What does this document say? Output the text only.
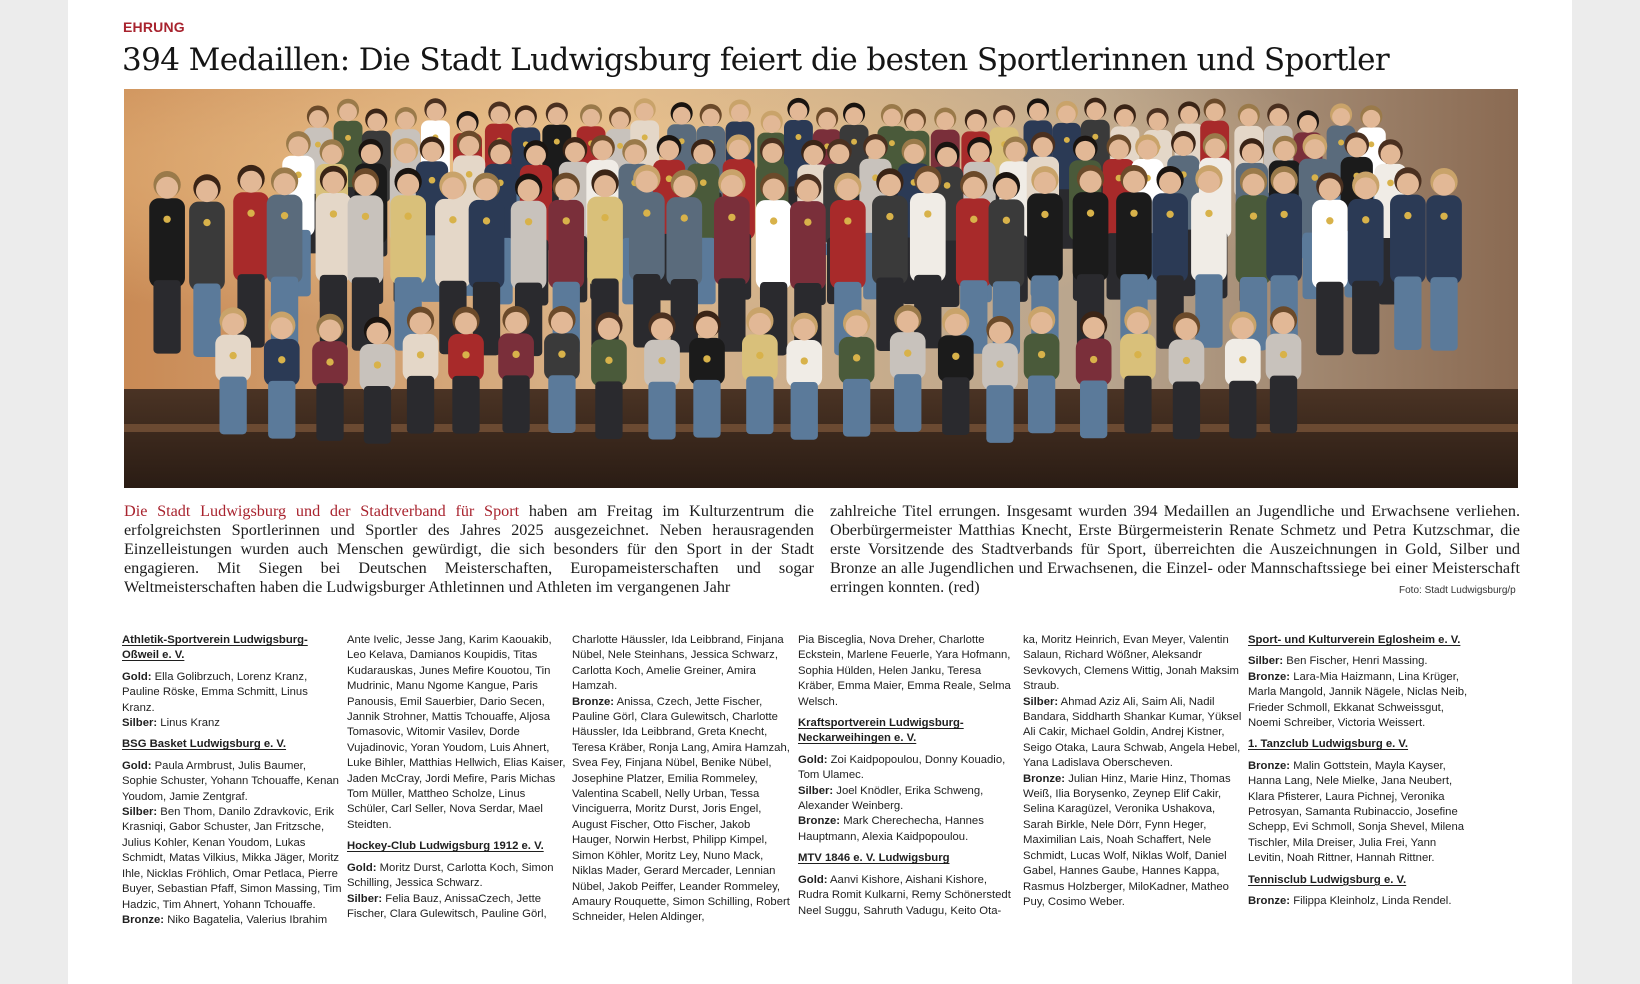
EHRUNG
394 Medaillen: Die Stadt Ludwigsburg feiert die besten Sportlerinnen und Sportler
Die Stadt Ludwigsburg und der Stadtverband für Sport haben am Freitag im Kulturzentrum die erfolgreichsten Sportlerinnen und Sportler des Jahres 2025 ausgezeichnet. Neben herausragenden Einzelleistungen wurden auch Menschen gewürdigt, die sich besonders für den Sport in der Stadt engagieren. Mit Siegen bei Deutschen Meisterschaften, Europameisterschaften und sogar Weltmeisterschaften haben die Ludwigsburger Athletinnen und Athleten im vergangenen Jahr
zahlreiche Titel errungen. Insgesamt wurden 394 Medaillen an Jugendliche und Erwachsene verliehen. Oberbürgermeister Matthias Knecht, Erste Bürgermeisterin Renate Schmetz und Petra Kutzschmar, die erste Vorsitzende des Stadtverbands für Sport, überreichten die Auszeichnungen in Gold, Silber und Bronze an alle Jugendlichen und Erwachsenen, die Einzel- oder Mannschaftssiege bei einer Meisterschaft erringen konnten. (red)	Foto: Stadt Ludwigsburg/p
Athletik-Sportverein Ludwigsburg-Oßweil e. V.

Gold: Ella Golibrzuch, Lorenz Kranz, Pauline Röske, Emma Schmitt, Linus Kranz.
Silber: Linus Kranz

BSG Basket Ludwigsburg e. V.

Gold: Paula Armbrust, Julis Baumer, Sophie Schuster, Yohann Tchouaffe, Kenan Youdom, Jamie Zentgraf.
Silber: Ben Thom, Danilo Zdravkovic, Erik Krasniqi, Gabor Schuster, Jan Fritzsche, Julius Kohler, Kenan Youdom, Lukas Schmidt, Matas Vilkius, Mikka Jäger, Moritz Ihle, Nicklas Fröhlich, Omar Petlaca, Pierre Buyer, Sebastian Pfaff, Simon Massing, Tim Hadzic, Tim Ahnert, Yohann Tchouaffe.
Bronze: Niko Bagatelia, Valerius Ibrahim

Ante Ivelic, Jesse Jang, Karim Kaouakib, Leo Kelava, Damianos Koupidis, Titas Kudarauskas, Junes Mefire Kouotou, Tin Mudrinic, Manu Ngome Kangue, Paris Panousis, Emil Sauerbier, Dario Secen, Jannik Strohner, Mattis Tchouaffe, Aljosa Tomasovic, Witomir Vasilev, Dorde Vujadinovic, Yoran Youdom, Luis Ahnert, Luke Bihler, Matthias Hellwich, Elias Kaiser, Jaden McCray, Jordi Mefire, Paris Michas Tom Müller, Mattheo Scholze, Linus Schüler, Carl Seller, Nova Serdar, Mael Steidten.

Hockey-Club Ludwigsburg 1912 e. V.

Gold: Moritz Durst, Carlotta Koch, Simon Schilling, Jessica Schwarz.
Silber: Felia Bauz, AnissaCzech, Jette Fischer, Clara Gulewitsch, Pauline Görl,

Charlotte Häussler, Ida Leibbrand, Finjana Nübel, Nele Steinhans, Jessica Schwarz, Carlotta Koch, Amelie Greiner, Amira Hamzah.
Bronze: Anissa, Czech, Jette Fischer, Pauline Görl, Clara Gulewitsch, Charlotte Häussler, Ida Leibbrand, Greta Knecht, Teresa Kräber, Ronja Lang, Amira Hamzah, Svea Fey, Finjana Nübel, Benike Nübel, Josephine Platzer, Emilia Rommeley, Valentina Scabell, Nelly Urban, Tessa Vinciguerra, Moritz Durst, Joris Engel, August Fischer, Otto Fischer, Jakob Hauger, Norwin Herbst, Philipp Kimpel, Simon Köhler, Moritz Ley, Nuno Mack, Niklas Mader, Gerard Mercader, Lennian Nübel, Jakob Peiffer, Leander Rommeley, Amaury Rouquette, Simon Schilling, Robert Schneider, Helen Aldinger,

Pia Bisceglia, Nova Dreher, Charlotte Eckstein, Marlene Feuerle, Yara Hofmann, Sophia Hülden, Helen Janku, Teresa Kräber, Emma Maier, Emma Reale, Selma Welsch.

Kraftsportverein Ludwigsburg-Neckarweihingen e. V.

Gold: Zoi Kaidpopoulou, Donny Kouadio, Tom Ulamec.
Silber: Joel Knödler, Erika Schweng, Alexander Weinberg.
Bronze: Mark Cherechecha, Hannes Hauptmann, Alexia Kaidpopoulou.

MTV 1846 e. V. Ludwigsburg

Gold: Aanvi Kishore, Aishani Kishore, Rudra Romit Kulkarni, Remy Schönerstedt Neel Suggu, Sahruth Vadugu, Keito Ota-

ka, Moritz Heinrich, Evan Meyer, Valentin Salaun, Richard Wößner, Aleksandr Sevkovych, Clemens Wittig, Jonah Maksim Straub.
Silber: Ahmad Aziz Ali, Saim Ali, Nadil Bandara, Siddharth Shankar Kumar, Yüksel Ali Cakir, Michael Goldin, Andrej Kistner, Seigo Otaka, Laura Schwab, Angela Hebel, Yana Ladislava Oberscheven.
Bronze: Julian Hinz, Marie Hinz, Thomas Weiß, Ilia Borysenko, Zeynep Elif Cakir, Selina Karagüzel, Veronika Ushakova, Sarah Birkle, Nele Dörr, Fynn Heger, Maximilian Lais, Noah Schaffert, Nele Schmidt, Lucas Wolf, Niklas Wolf, Daniel Gabel, Hannes Gaube, Hannes Kappa, Rasmus Holzberger, MiloKadner, Matheo Puy, Cosimo Weber.

Sport- und Kulturverein Eglosheim e. V.

Silber: Ben Fischer, Henri Massing.
Bronze: Lara-Mia Haizmann, Lina Krüger, Marla Mangold, Jannik Nägele, Niclas Neib, Frieder Schmoll, Ekkanat Schweissgut, Noemi Schreiber, Victoria Weissert.

1. Tanzclub Ludwigsburg e. V.

Bronze: Malin Gottstein, Mayla Kayser, Hanna Lang, Nele Mielke, Jana Neubert, Klara Pfisterer, Laura Pichnej, Veronika Petrosyan, Samanta Rubinaccio, Josefine Schepp, Evi Schmoll, Sonja Shevel, Milena Tischler, Mila Dreiser, Julia Frei, Yann Levitin, Noah Rittner, Hannah Rittner.

Tennisclub Ludwigsburg e. V.

Bronze: Filippa Kleinholz, Linda Rendel.
